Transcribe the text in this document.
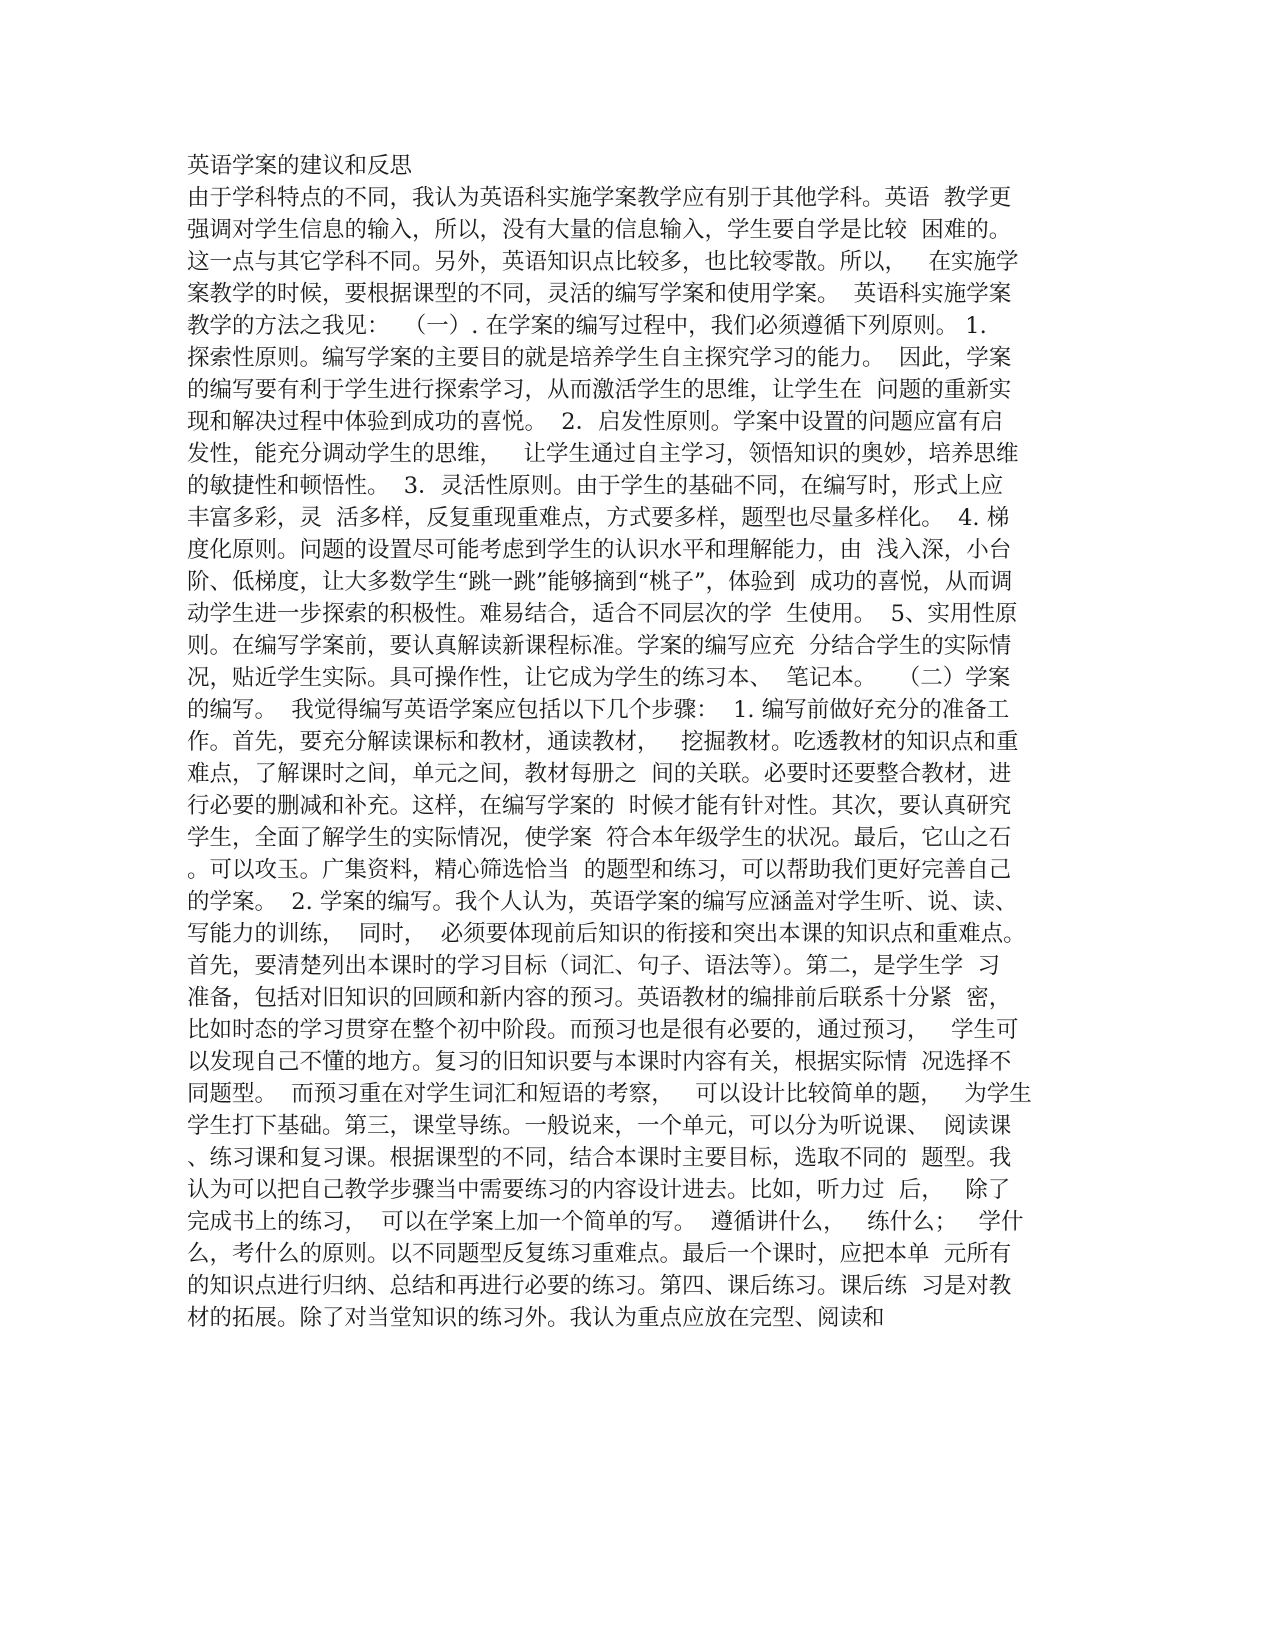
英语学案的建议和反思

由于学科特点的不同，我认为英语科实施学案教学应有别于其他学科。英语  教学更

强调对学生信息的输入，所以，没有大量的信息输入，学生要自学是比较  困难的。

这一点与其它学科不同。另外，英语知识点比较多，也比较零散。所以，   在实施学

案教学的时候，要根据课型的不同，灵活的编写学案和使用学案。  英语科实施学案

教学的方法之我见：  （一）. 在学案的编写过程中，我们必须遵循下列原则。 1.

探索性原则。编写学案的主要目的就是培养学生自主探究学习的能力。  因此，学案

的编写要有利于学生进行探索学习，从而激活学生的思维，让学生在  问题的重新实

现和解决过程中体验到成功的喜悦。  2．启发性原则。学案中设置的问题应富有启

发性，能充分调动学生的思维，   让学生通过自主学习，领悟知识的奥妙，培养思维

的敏捷性和顿悟性。  3．灵活性原则。由于学生的基础不同，在编写时，形式上应

丰富多彩，灵  活多样，反复重现重难点，方式要多样，题型也尽量多样化。  4. 梯

度化原则。问题的设置尽可能考虑到学生的认识水平和理解能力，由  浅入深，小台

阶、低梯度，让大多数学生“跳一跳”能够摘到“桃子”，体验到  成功的喜悦，从而调

动学生进一步探索的积极性。难易结合，适合不同层次的学  生使用。  5、实用性原

则。在编写学案前，要认真解读新课程标准。学案的编写应充  分结合学生的实际情

况，贴近学生实际。具可操作性，让它成为学生的练习本、  笔记本。   （二）学案

的编写。  我觉得编写英语学案应包括以下几个步骤：  1. 编写前做好充分的准备工

作。首先，要充分解读课标和教材，通读教材，   挖掘教材。吃透教材的知识点和重

难点，了解课时之间，单元之间，教材每册之  间的关联。必要时还要整合教材，进

行必要的删减和补充。这样，在编写学案的  时候才能有针对性。其次，要认真研究

学生，全面了解学生的实际情况，使学案  符合本年级学生的状况。最后，它山之石

。可以攻玉。广集资料，精心筛选恰当  的题型和练习，可以帮助我们更好完善自己

的学案。  2. 学案的编写。我个人认为，英语学案的编写应涵盖对学生听、说、读、

写能力的训练，  同时，  必须要体现前后知识的衔接和突出本课的知识点和重难点。

首先，要清楚列出本课时的学习目标（词汇、句子、语法等）。第二，是学生学  习

准备，包括对旧知识的回顾和新内容的预习。英语教材的编排前后联系十分紧  密，

比如时态的学习贯穿在整个初中阶段。而预习也是很有必要的，通过预习，   学生可

以发现自己不懂的地方。复习的旧知识要与本课时内容有关，根据实际情  况选择不

同题型。  而预习重在对学生词汇和短语的考察，   可以设计比较简单的题，   为学生

学生打下基础。第三，课堂导练。一般说来，一个单元，可以分为听说课、  阅读课

、练习课和复习课。根据课型的不同，结合本课时主要目标，选取不同的  题型。我

认为可以把自己教学步骤当中需要练习的内容设计进去。比如，听力过  后，   除了

完成书上的练习，  可以在学案上加一个简单的写。  遵循讲什么，   练什么；   学什

么，考什么的原则。以不同题型反复练习重难点。最后一个课时，应把本单  元所有

的知识点进行归纳、总结和再进行必要的练习。第四、课后练习。课后练  习是对教

材的拓展。除了对当堂知识的练习外。我认为重点应放在完型、阅读和
